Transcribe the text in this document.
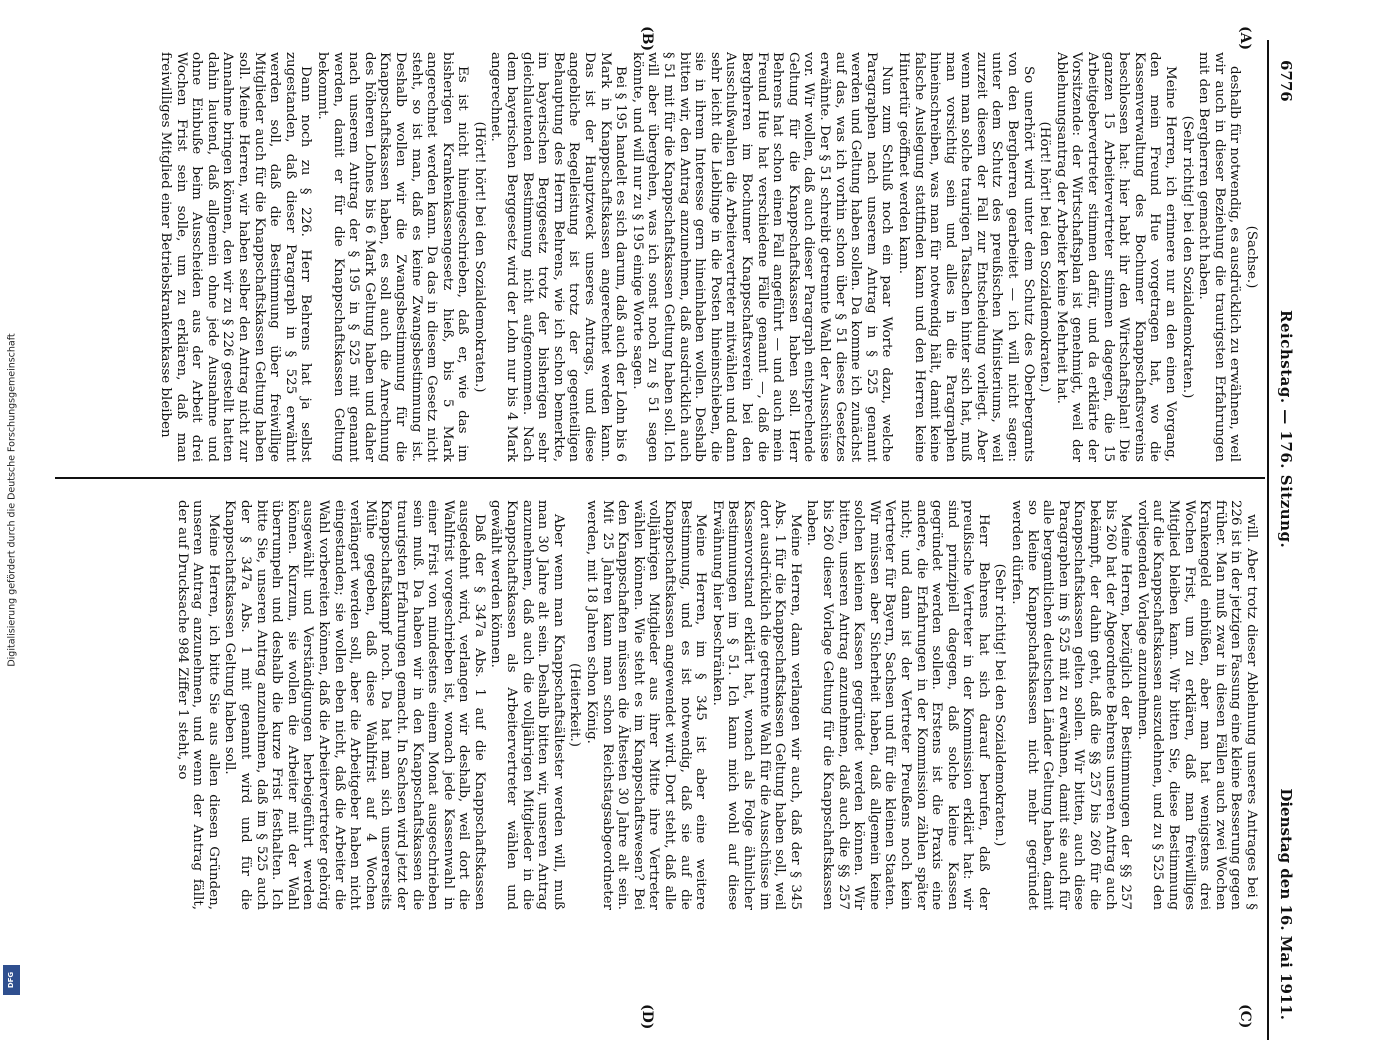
6776
Reichstag. — 176. Sitzung.
Dienstag den 16. Mai 1911.
(A)
(B)
(C)
(D)

(Sachse.)

deshalb für notwendig, es ausdrücklich zu erwähnen, weil wir auch in dieser Beziehung die traurigsten Erfahrungen mit den Bergherren gemacht haben.

(Sehr richtig! bei den Sozialdemokraten.)

Meine Herren, ich erinnere nur an den einen Vorgang, den mein Freund Hue vorgetragen hat, wo die Kassenverwaltung des Bochumer Knappschaftsvereins beschlossen hat: hier habt ihr den Wirtschaftsplan! Die ganzen 15 Arbeitervertreter stimmen dagegen, die 15 Arbeitgebervertreter stimmen dafür, und da erklärte der Vorsitzende: der Wirtschaftsplan ist genehmigt, weil der Ablehnungsantrag der Arbeiter keine Mehrheit hat.

(Hört! hört! bei den Sozialdemokraten.)

So unerhört wird unter dem Schutz des Oberbergamts von den Bergherren gearbeitet — ich will nicht sagen: unter dem Schutz des preußischen Ministeriums, weil zurzeit diesem der Fall zur Entscheidung vorliegt. Aber wenn man solche traurigen Tatsachen hinter sich hat, muß man vorsichtig sein und alles in die Paragraphen hineinschreiben, was man für notwendig hält, damit keine falsche Auslegung stattfinden kann und den Herren keine Hintertür geöffnet werden kann.

Nun zum Schluß noch ein paar Worte dazu, welche Paragraphen nach unserem Antrag in § 525 genannt werden und Geltung haben sollen. Da komme ich zunächst auf das, was ich vorhin schon über § 51 dieses Gesetzes erwähnte. Der § 51 schreibt getrennte Wahl der Ausschüsse vor. Wir wollen, daß auch dieser Paragraph entsprechende Geltung für die Knappschaftskassen haben soll. Herr Behrens hat schon einen Fall angeführt — und auch mein Freund Hue hat verschiedene Fälle genannt —, daß die Bergherren im Bochumer Knappschaftsverein bei den Ausschußwahlen die Arbeitervertreter mitwählen und dann sehr leicht die Lieblinge in die Posten hineinschieben, die sie in ihrem Interesse gern hineinhaben wollen. Deshalb bitten wir, den Antrag anzunehmen, daß ausdrücklich auch § 51 mit für die Knappschaftskassen Geltung haben soll. Ich will aber übergehen, was ich sonst noch zu § 51 sagen könnte, und will nur zu § 195 einige Worte sagen.

Bei § 195 handelt es sich darum, daß auch der Lohn bis 6 Mark in Knappschaftskassen angerechnet werden kann. Das ist der Hauptzweck unseres Antrags, und diese angebliche Regelleistung ist trotz der gegenteiligen Behauptung des Herrn Behrens, wie ich schon bemerkte, im bayerischen Berggesetz trotz der bisherigen sehr gleichlautenden Bestimmung nicht aufgenommen. Nach dem bayerischen Berggesetz wird der Lohn nur bis 4 Mark angerechnet.

(Hört! hört! bei den Sozialdemokraten.)

Es ist nicht hineingeschrieben, daß er, wie das im bisherigen Krankenkassengesetz hieß, bis 5 Mark angerechnet werden kann. Da das in diesem Gesetz nicht steht, so ist man, daß es keine Zwangsbestimmung ist. Deshalb wollen wir die Zwangsbestimmung für die Knappschaftskassen haben, es soll auch die Anrechnung des höheren Lohnes bis 6 Mark Geltung haben und daher nach unserem Antrag der § 195 in § 525 mit genannt werden, damit er für die Knappschaftskassen Geltung bekommt.

Dann noch zu § 226. Herr Behrens hat ja selbst zugestanden, daß dieser Paragraph in § 525 erwähnt werden soll, daß die Bestimmung über freiwillige Mitglieder auch für die Knappschaftskassen Geltung haben soll. Meine Herren, wir haben selber den Antrag nicht zur Annahme bringen können, den wir zu § 226 gestellt hatten dahin lautend, daß allgemein ohne jede Ausnahme und ohne Einbuße beim Ausscheiden aus der Arbeit drei Wochen Frist sein solle, um zu erklären, daß man freiwilliges Mitglied einer Betriebskrankenkasse bleiben

will. Aber trotz dieser Ablehnung unseres Antrages bei § 226 ist in der jetzigen Fassung eine kleine Besserung gegen früher. Man muß zwar in diesen Fällen auch zwei Wochen Krankengeld einbüßen, aber man hat wenigstens drei Wochen Frist, um zu erklären, daß man freiwilliges Mitglied bleiben kann. Wir bitten Sie, diese Bestimmung auf die Knappschaftskassen auszudehnen, und zu § 525 den vorliegenden Vorlage anzunehmen.

Meine Herren, bezüglich der Bestimmungen der §§ 257 bis 260 hat der Abgeordnete Behrens unseren Antrag auch bekämpft, der dahin geht, daß die §§ 257 bis 260 für die Knappschaftskassen gelten sollen. Wir bitten, auch diese Paragraphen im § 525 mit zu erwähnen, damit sie auch für alle bergamtlichen deutschen Länder Geltung haben, damit so kleine Knappschaftskassen nicht mehr gegründet werden dürfen.

(Sehr richtig! bei den Sozialdemokraten.)

Herr Behrens hat sich darauf berufen, daß der preußische Vertreter in der Kommission erklärt hat: wir sind prinzipiell dagegen, daß solche kleine Kassen gegründet werden sollen. Erstens ist die Praxis eine andere, die Erfahrungen in der Kommission zählen später nicht; und dann ist der Vertreter Preußens noch kein Vertreter für Bayern, Sachsen und für die kleinen Staaten. Wir müssen aber Sicherheit haben, daß allgemein keine solchen kleinen Kassen gegründet werden können. Wir bitten, unseren Antrag anzunehmen, daß auch die §§ 257 bis 260 dieser Vorlage Geltung für die Knappschaftskassen haben.

Meine Herren, dann verlangen wir auch, daß der § 345 Abs. 1 für die Knappschaftskassen Geltung haben soll, weil dort ausdrücklich die getrennte Wahl für die Ausschüsse im Kassenvorstand erklärt hat, wonach als Folge ähnlicher Bestimmungen im § 51. Ich kann mich wohl auf diese Erwähnung hier beschränken.

Meine Herren, im § 345 ist aber eine weitere Bestimmung, und es ist notwendig, daß sie auf die Knappschaftskassen angewendet wird. Dort steht, daß alle volljährigen Mitglieder aus ihrer Mitte ihre Vertreter wählen können. Wie steht es im Knappschaftswesen? Bei den Knappschaften müssen die Ältesten 30 Jahre alt sein. Mit 25 Jahren kann man schon Reichstagsabgeordneter werden, mit 18 Jahren schon König.

(Heiterkeit.)

Aber wenn man Knappschaftsältester werden will, muß man 30 Jahre alt sein. Deshalb bitten wir, unseren Antrag anzunehmen, daß auch die volljährigen Mitglieder in die Knappschaftskassen als Arbeitervertreter wählen und gewählt werden können.

Daß der § 347a Abs. 1 auf die Knappschaftskassen ausgedehnt wird, verlangen wir deshalb, weil dort die Wahlfrist vorgeschrieben ist, wonach jede Kassenwahl in einer Frist von mindestens einem Monat ausgeschrieben sein muß. Da haben wir in den Knappschaftskassen die traurigsten Erfahrungen gemacht. In Sachsen wird jetzt der Knappschaftskampf noch. Da hat man sich unsererseits Mühe gegeben, daß diese Wahlfrist auf 4 Wochen verlängert werden soll, aber die Arbeitgeber haben nicht eingestanden; sie wollen eben nicht, daß die Arbeiter die Wahl vorbereiten können, daß die Arbeitervertreter gehörig ausgewählt und Verständigungen herbeigeführt werden können. Kurzum, sie wollen die Arbeiter mit der Wahl überrumpeln und deshalb die kurze Frist festhalten. Ich bitte Sie, unseren Antrag anzunehmen, daß im § 525 auch der § 347a Abs. 1 mit genannt wird und für die Knappschaftskassen Geltung haben soll.

Meine Herren, ich bitte Sie aus allen diesen Gründen, unseren Antrag anzunehmen, und wenn der Antrag fällt, der auf Drucksache 984 Ziffer 1 steht, so

Digitalisierung gefördert durch die Deutsche Forschungsgemeinschaft
DFG
